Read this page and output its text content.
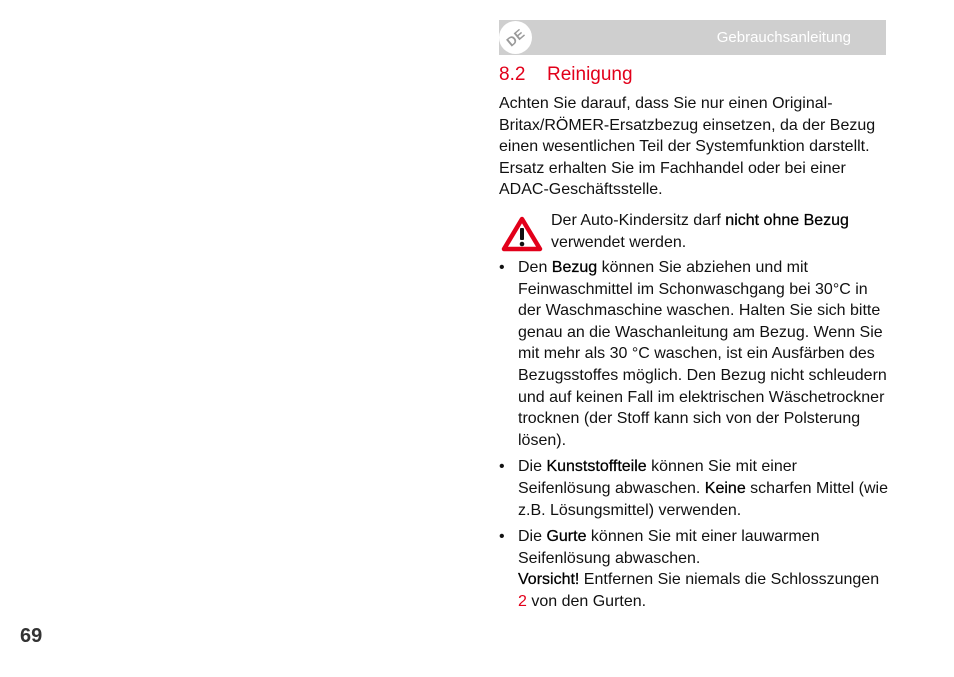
DE	Gebrauchsanleitung
8.2 Reinigung

Achten Sie darauf, dass Sie nur einen Original-Britax/RÖMER-Ersatzbezug einsetzen, da der Bezug einen wesentlichen Teil der Systemfunktion darstellt. Ersatz erhalten Sie im Fachhandel oder bei einer ADAC-Geschäftsstelle.

Der Auto-Kindersitz darf nicht ohne Bezug verwendet werden.

• Den Bezug können Sie abziehen und mit Feinwaschmittel im Schonwaschgang bei 30°C in der Waschmaschine waschen. Halten Sie sich bitte genau an die Waschanleitung am Bezug. Wenn Sie mit mehr als 30 °C waschen, ist ein Ausfärben des Bezugsstoffes möglich. Den Bezug nicht schleudern und auf keinen Fall im elektrischen Wäschetrockner trocknen (der Stoff kann sich von der Polsterung lösen).
• Die Kunststoffteile können Sie mit einer Seifenlösung abwaschen. Keine scharfen Mittel (wie z.B. Lösungsmittel) verwenden.
• Die Gurte können Sie mit einer lauwarmen Seifenlösung abwaschen.
Vorsicht! Entfernen Sie niemals die Schlosszungen 2 von den Gurten.
69
